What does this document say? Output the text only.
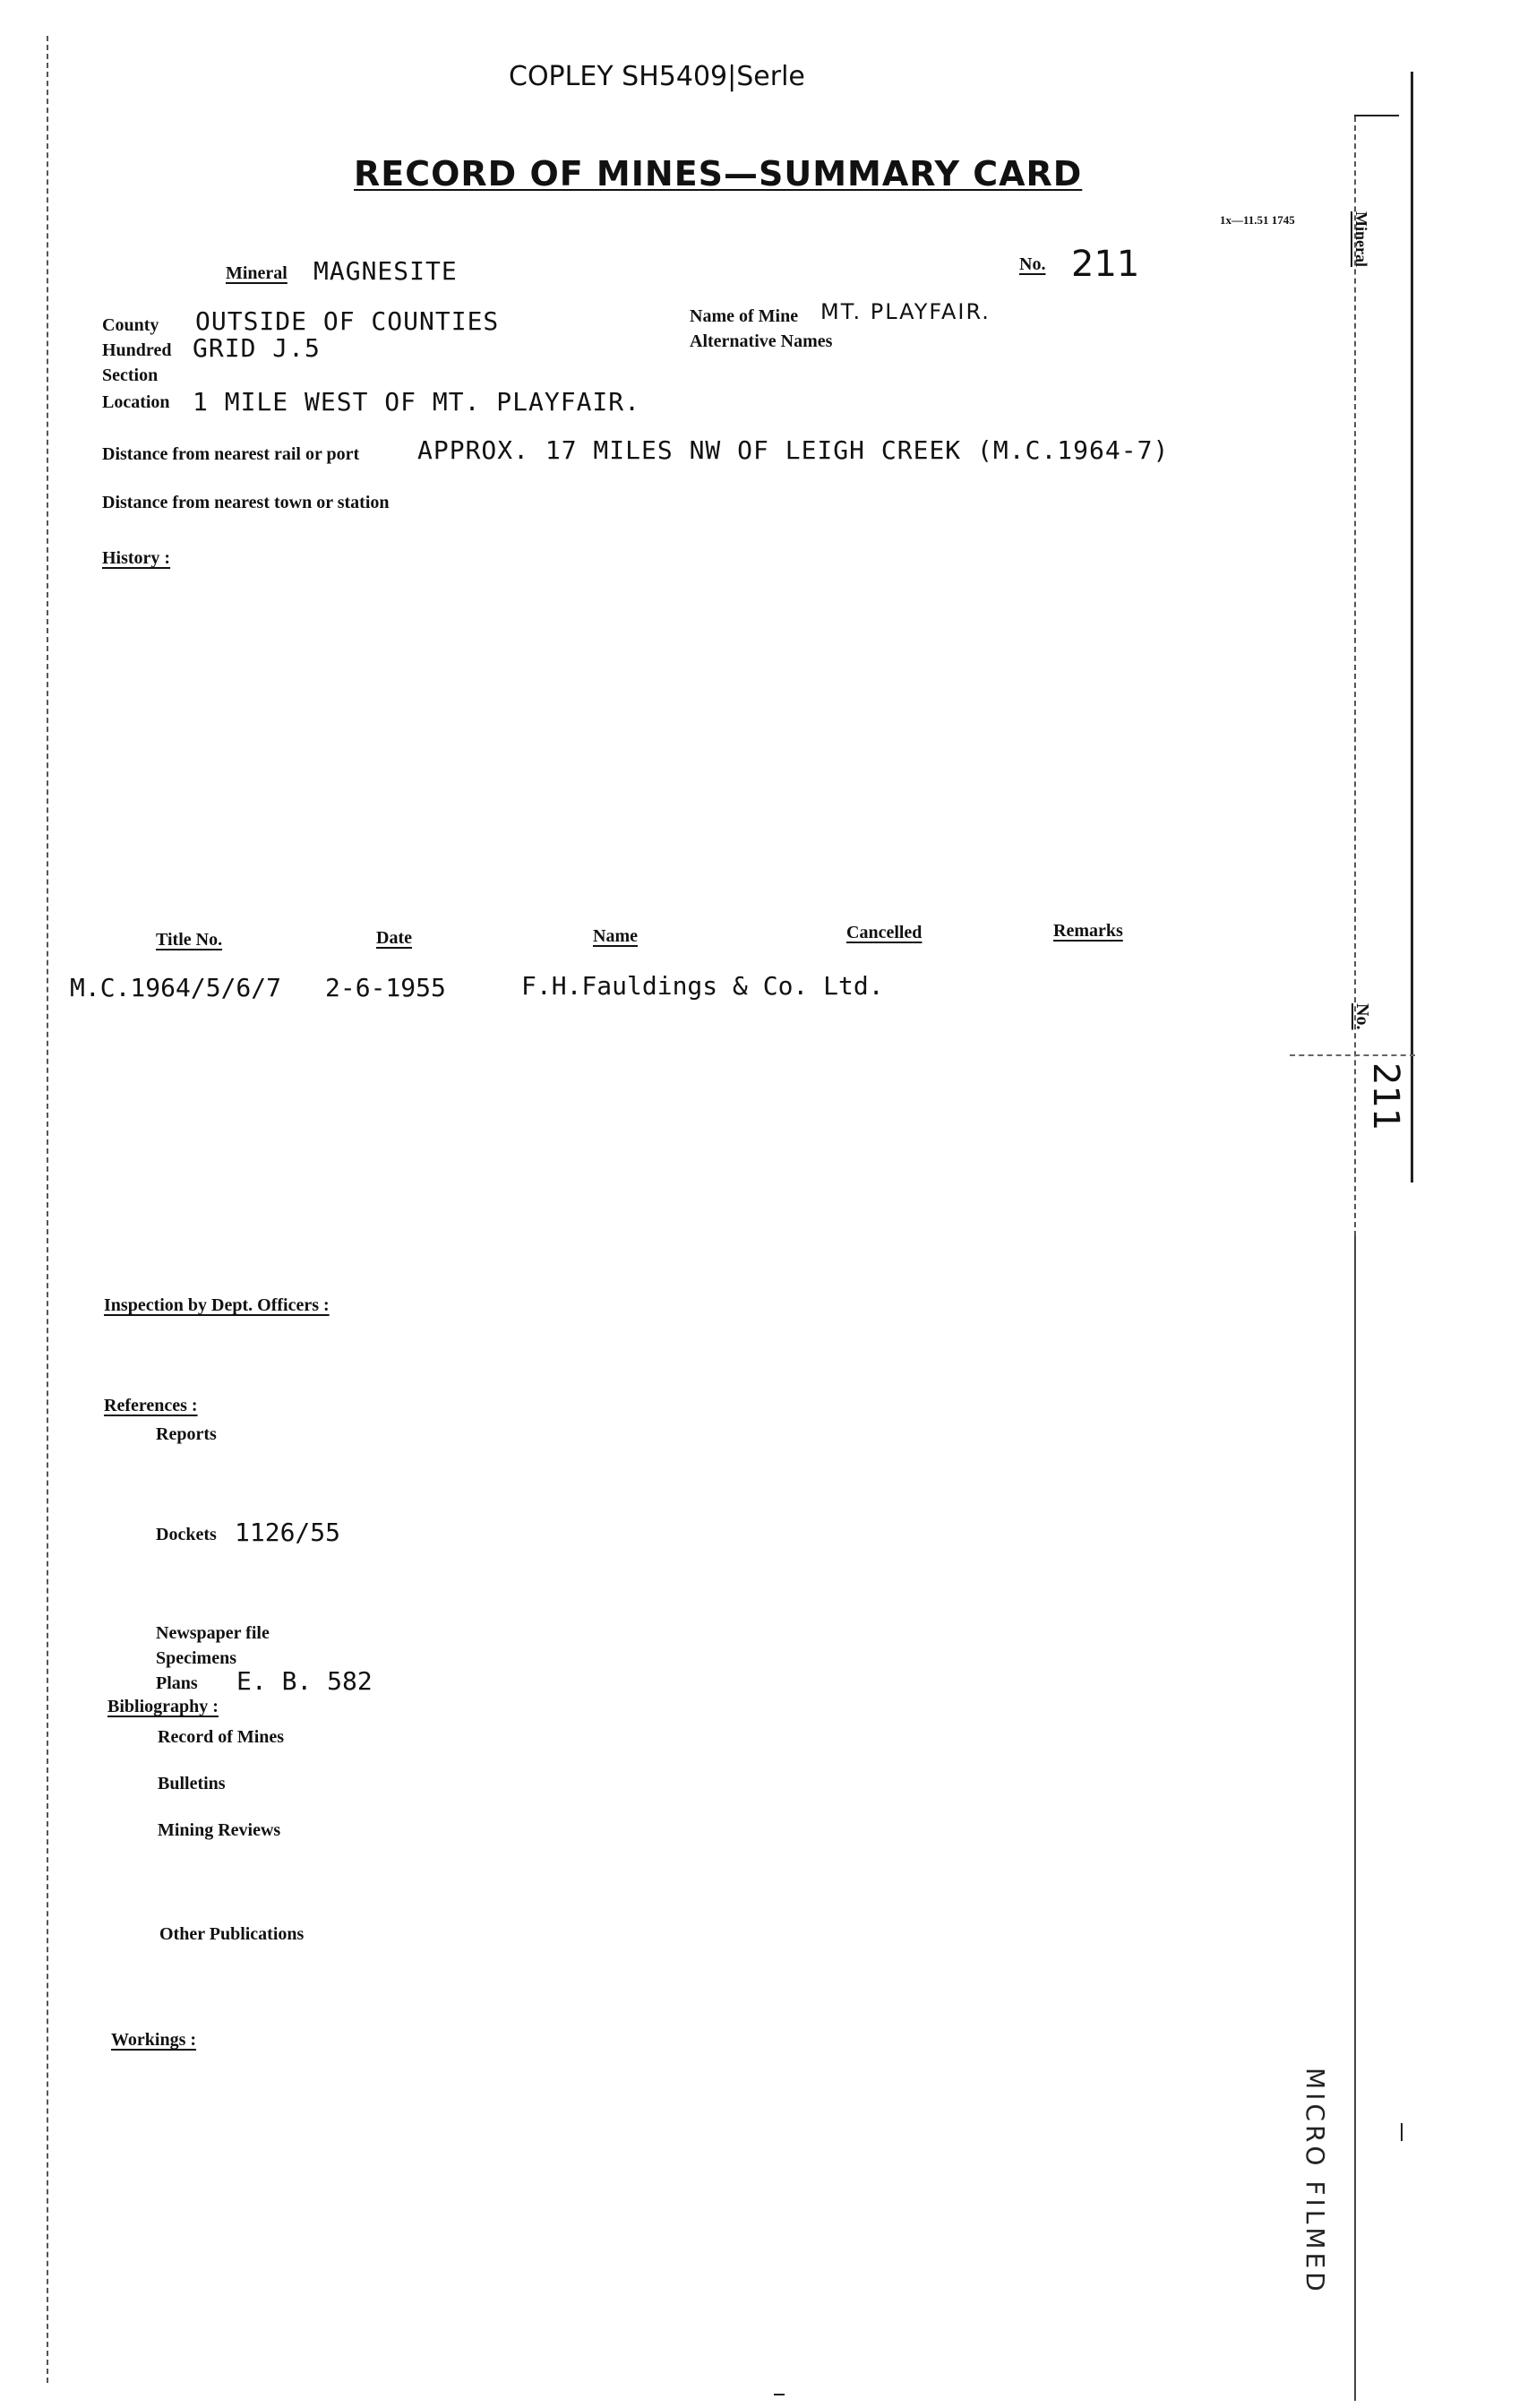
COPLEY SH5409|Serle
RECORD OF MINES—SUMMARY CARD
1x—11.51 1745
Mineral MAGNESITE	No. 211
County OUTSIDE OF COUNTIES
Hundred GRID J.5
Section
Location 1 MILE WEST OF MT. PLAYFAIR.
Name of Mine MT. PLAYFAIR.
Alternative Names
Distance from nearest rail or port APPROX. 17 MILES NW OF LEIGH CREEK (M.C.1964-7)
Distance from nearest town or station
History :
Title No.	Date	Name	Cancelled	Remarks
M.C.1964/5/6/7 2-6-1955	F.H.Fauldings & Co. Ltd.
Inspection by Dept. Officers :
References :
Reports
Dockets 1126/55
Newspaper file
Specimens
Plans E. B. 582
Bibliography :
Record of Mines
Bulletins
Mining Reviews
Other Publications
Workings :
Mineral
No.
211
MICRO FILMED
